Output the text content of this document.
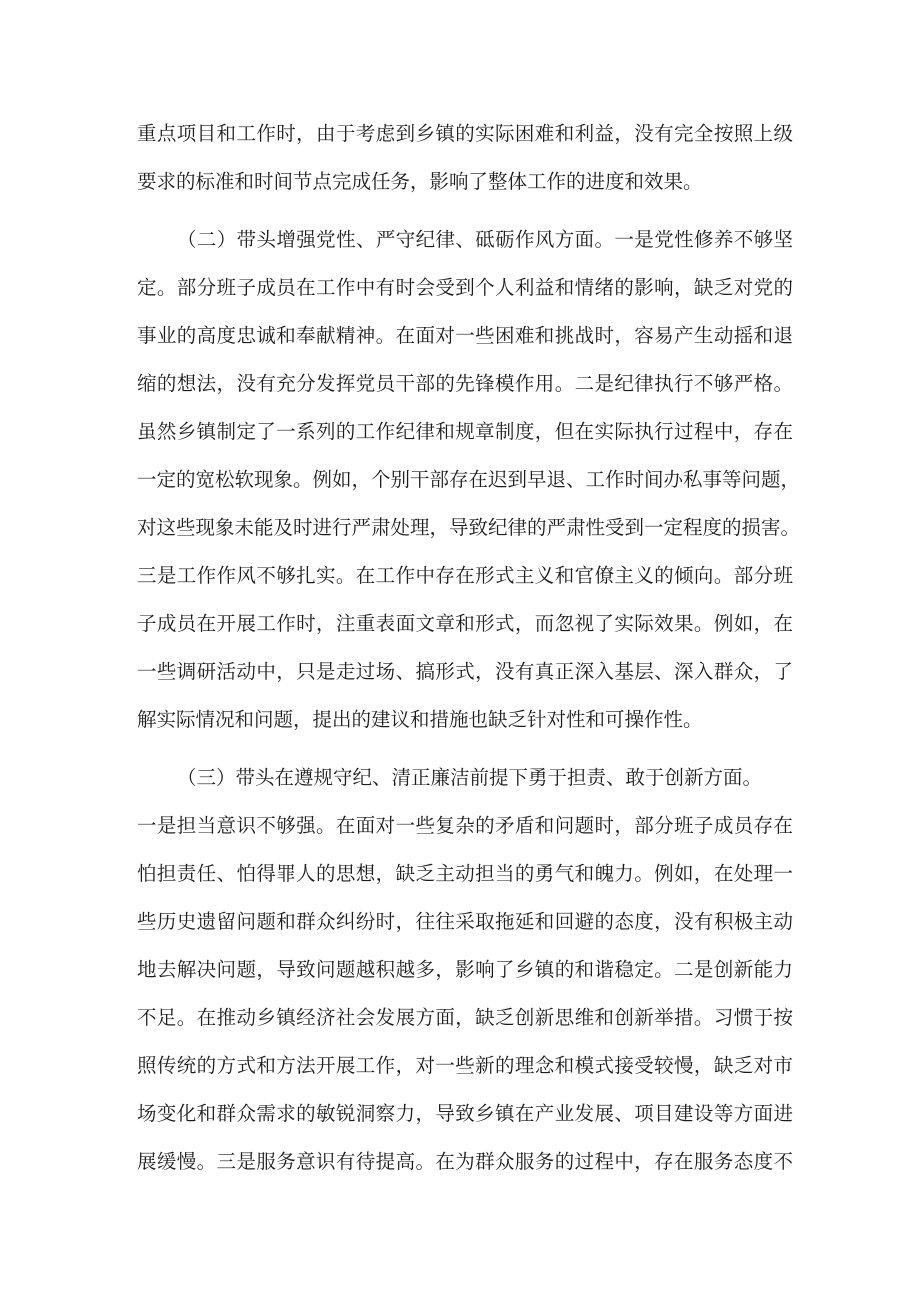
重点项目和工作时，由于考虑到乡镇的实际困难和利益，没有完全按照上级
要求的标准和时间节点完成任务，影响了整体工作的进度和效果。
（二）带头增强党性、严守纪律、砥砺作风方面。一是党性修养不够坚
定。部分班子成员在工作中有时会受到个人利益和情绪的影响，缺乏对党的
事业的高度忠诚和奉献精神。在面对一些困难和挑战时，容易产生动摇和退
缩的想法，没有充分发挥党员干部的先锋模作用。二是纪律执行不够严格。
虽然乡镇制定了一系列的工作纪律和规章制度，但在实际执行过程中，存在
一定的宽松软现象。例如，个别干部存在迟到早退、工作时间办私事等问题，
对这些现象未能及时进行严肃处理，导致纪律的严肃性受到一定程度的损害。
三是工作作风不够扎实。在工作中存在形式主义和官僚主义的倾向。部分班
子成员在开展工作时，注重表面文章和形式，而忽视了实际效果。例如，在
一些调研活动中，只是走过场、搞形式，没有真正深入基层、深入群众，了
解实际情况和问题，提出的建议和措施也缺乏针对性和可操作性。
（三）带头在遵规守纪、清正廉洁前提下勇于担责、敢于创新方面。
一是担当意识不够强。在面对一些复杂的矛盾和问题时，部分班子成员存在
怕担责任、怕得罪人的思想，缺乏主动担当的勇气和魄力。例如，在处理一
些历史遗留问题和群众纠纷时，往往采取拖延和回避的态度，没有积极主动
地去解决问题，导致问题越积越多，影响了乡镇的和谐稳定。二是创新能力
不足。在推动乡镇经济社会发展方面，缺乏创新思维和创新举措。习惯于按
照传统的方式和方法开展工作，对一些新的理念和模式接受较慢，缺乏对市
场变化和群众需求的敏锐洞察力，导致乡镇在产业发展、项目建设等方面进
展缓慢。三是服务意识有待提高。在为群众服务的过程中，存在服务态度不
